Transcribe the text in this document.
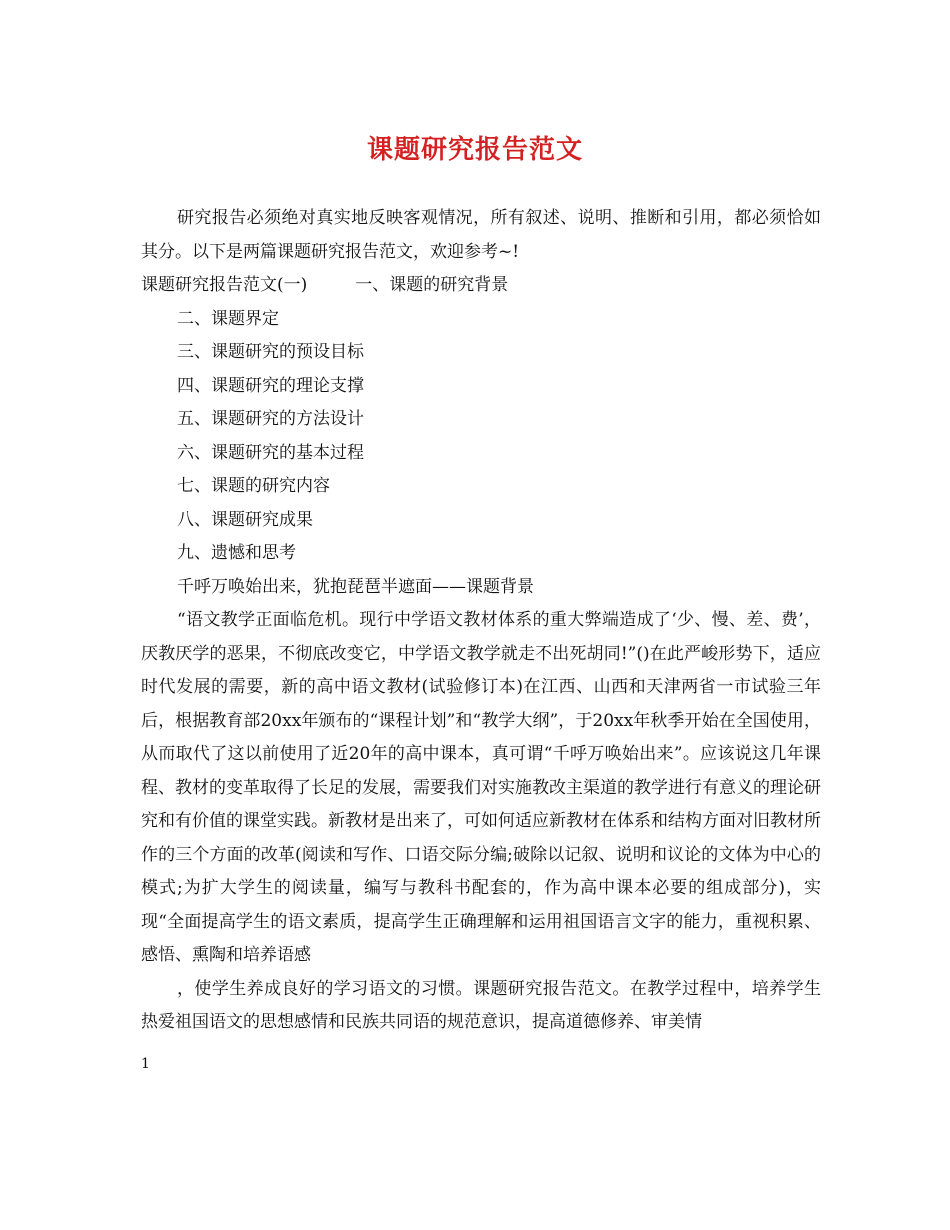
课题研究报告范文

研究报告必须绝对真实地反映客观情况，所有叙述、说明、推断和引用，都必须恰如其分。以下是两篇课题研究报告范文，欢迎参考~!

课题研究报告范文(一)	一、课题的研究背景
二、课题界定
三、课题研究的预设目标
四、课题研究的理论支撑
五、课题研究的方法设计
六、课题研究的基本过程
七、课题的研究内容
八、课题研究成果
九、遗憾和思考
千呼万唤始出来，犹抱琵琶半遮面——课题背景

“语文教学正面临危机。现行中学语文教材体系的重大弊端造成了‘少、慢、差、费’，厌教厌学的恶果，不彻底改变它，中学语文教学就走不出死胡同!”()在此严峻形势下，适应时代发展的需要，新的高中语文教材(试验修订本)在江西、山西和天津两省一市试验三年后，根据教育部20xx年颁布的“课程计划”和“教学大纲”，于20xx年秋季开始在全国使用，从而取代了这以前使用了近20年的高中课本，真可谓“千呼万唤始出来”。应该说这几年课程、教材的变革取得了长足的发展，需要我们对实施教改主渠道的教学进行有意义的理论研究和有价值的课堂实践。新教材是出来了，可如何适应新教材在体系和结构方面对旧教材所作的三个方面的改革(阅读和写作、口语交际分编;破除以记叙、说明和议论的文体为中心的模式;为扩大学生的阅读量，编写与教科书配套的，作为高中课本必要的组成部分)，实现“全面提高学生的语文素质，提高学生正确理解和运用祖国语言文字的能力，重视积累、感悟、熏陶和培养语感

，使学生养成良好的学习语文的习惯。课题研究报告范文。在教学过程中，培养学生热爱祖国语文的思想感情和民族共同语的规范意识，提高道德修养、审美情

1
